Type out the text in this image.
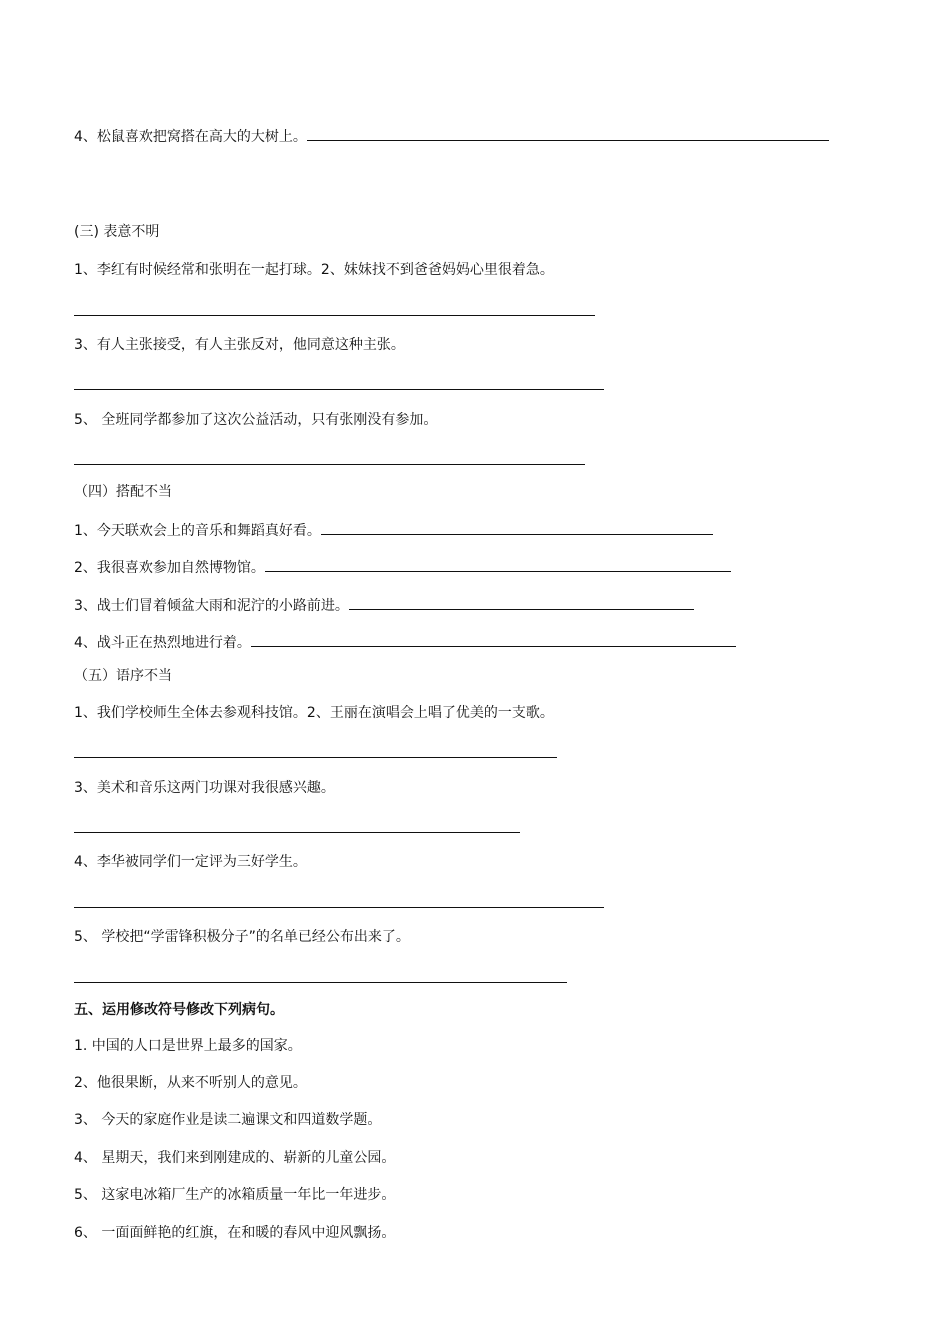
4、松鼠喜欢把窝搭在高大的大树上。
(三) 表意不明
1、李红有时候经常和张明在一起打球。2、妹妹找不到爸爸妈妈心里很着急。
3、有人主张接受，有人主张反对，他同意这种主张。
5、 全班同学都参加了这次公益活动，只有张刚没有参加。
（四）搭配不当
1、今天联欢会上的音乐和舞蹈真好看。
2、我很喜欢参加自然博物馆。
3、战士们冒着倾盆大雨和泥泞的小路前进。
4、战斗正在热烈地进行着。
（五）语序不当
1、我们学校师生全体去参观科技馆。2、王丽在演唱会上唱了优美的一支歌。
3、美术和音乐这两门功课对我很感兴趣。
4、李华被同学们一定评为三好学生。
5、 学校把“学雷锋积极分子”的名单已经公布出来了。
五、运用修改符号修改下列病句。
1. 中国的人口是世界上最多的国家。
2、他很果断，从来不听别人的意见。
3、 今天的家庭作业是读二遍课文和四道数学题。
4、 星期天，我们来到刚建成的、崭新的儿童公园。
5、 这家电冰箱厂生产的冰箱质量一年比一年进步。
6、 一面面鲜艳的红旗，在和暖的春风中迎风飘扬。
